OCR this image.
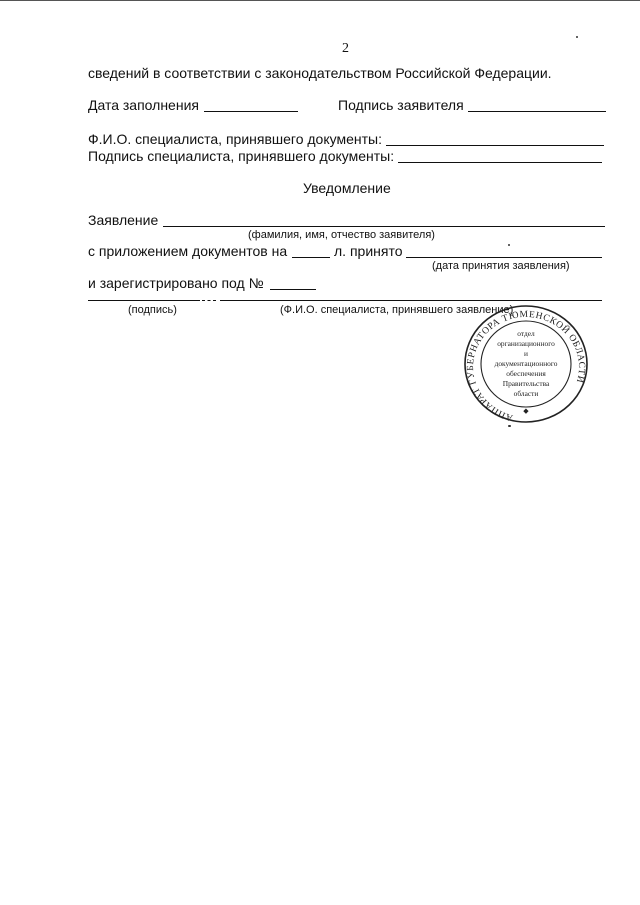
2
сведений в соответствии с законодательством Российской Федерации.
Дата заполнения	Подпись заявителя
Ф.И.О. специалиста, принявшего документы:
Подпись специалиста, принявшего документы:
Уведомление
Заявление
(фамилия, имя, отчество заявителя)
с приложением документов на	л. принято
(дата принятия заявления)
и зарегистрировано под №
(подпись)	(Ф.И.О. специалиста, принявшего заявление)
АППАРАТ ГУБЕРНАТОРА ТЮМЕНСКОЙ ОБЛАСТИ
отдел
организационного
и
документационного
обеспечения
Правительства
области
◆
